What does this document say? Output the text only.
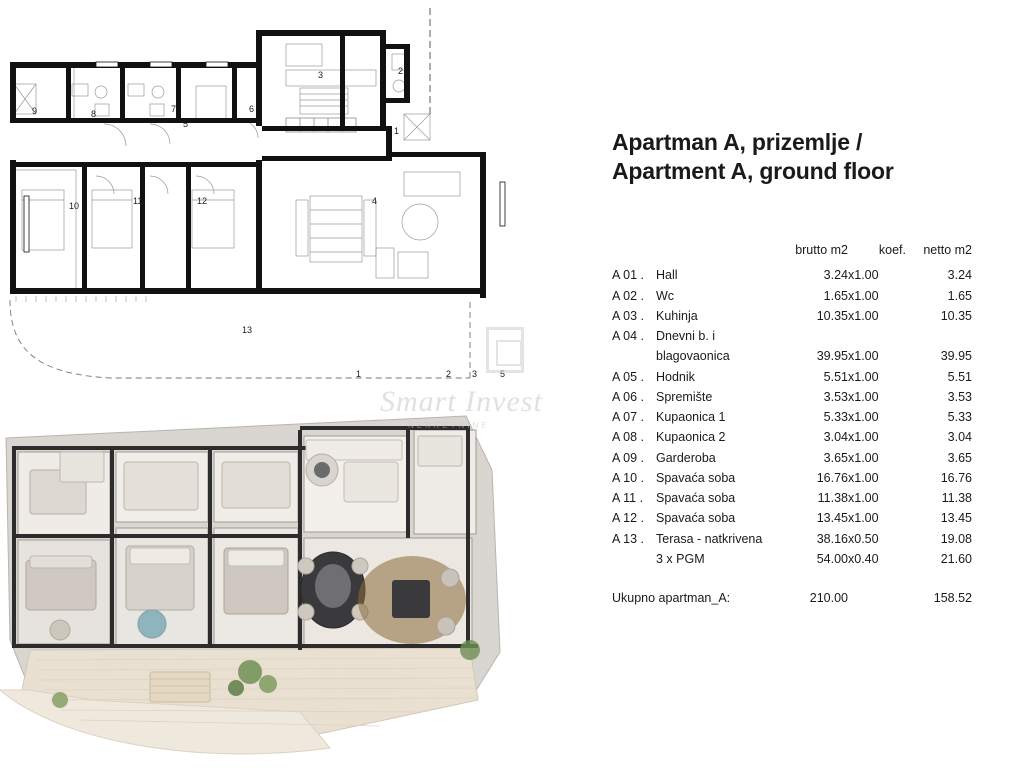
1
2
3
4
5
6
7
8
9
10	11	12
13
1	2 3	5
Smart Invest
NEKRETNINE
Apartman A, prizemlje /
Apartment A, ground floor
		brutto m2	koef.	netto m2
A 01 .	Hall	3.24	x1.00	3.24
A 02 .	Wc	1.65	x1.00	1.65
A 03 .	Kuhinja	10.35	x1.00	10.35
A 04 .	Dnevni b. i			
	blagovaonica	39.95	x1.00	39.95
A 05 .	Hodnik	5.51	x1.00	5.51
A 06 .	Spremište	3.53	x1.00	3.53
A 07 .	Kupaonica 1	5.33	x1.00	5.33
A 08 .	Kupaonica 2	3.04	x1.00	3.04
A 09 .	Garderoba	3.65	x1.00	3.65
A 10 .	Spavaća soba	16.76	x1.00	16.76
A 11 .	Spavaća soba	11.38	x1.00	11.38
A 12 .	Spavaća soba	13.45	x1.00	13.45
A 13 .	Terasa - natkrivena	38.16	x0.50	19.08
	3 x PGM	54.00	x0.40	21.60
Ukupno apartman_A:		210.00		158.52
